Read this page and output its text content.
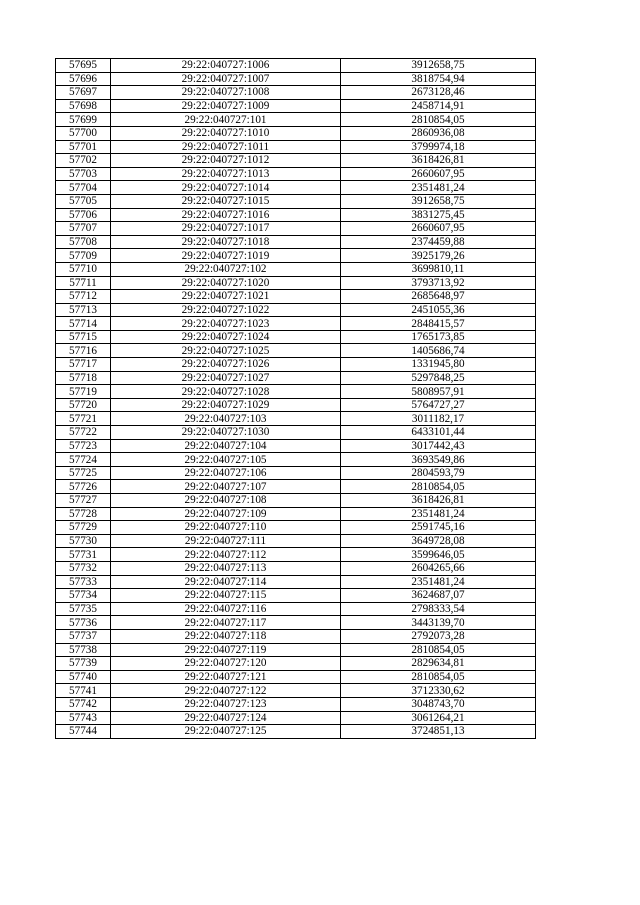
57695	29:22:040727:1006	3912658,75
57696	29:22:040727:1007	3818754,94
57697	29:22:040727:1008	2673128,46
57698	29:22:040727:1009	2458714,91
57699	29:22:040727:101	2810854,05
57700	29:22:040727:1010	2860936,08
57701	29:22:040727:1011	3799974,18
57702	29:22:040727:1012	3618426,81
57703	29:22:040727:1013	2660607,95
57704	29:22:040727:1014	2351481,24
57705	29:22:040727:1015	3912658,75
57706	29:22:040727:1016	3831275,45
57707	29:22:040727:1017	2660607,95
57708	29:22:040727:1018	2374459,88
57709	29:22:040727:1019	3925179,26
57710	29:22:040727:102	3699810,11
57711	29:22:040727:1020	3793713,92
57712	29:22:040727:1021	2685648,97
57713	29:22:040727:1022	2451055,36
57714	29:22:040727:1023	2848415,57
57715	29:22:040727:1024	1765173,85
57716	29:22:040727:1025	1405686,74
57717	29:22:040727:1026	1331945,80
57718	29:22:040727:1027	5297848,25
57719	29:22:040727:1028	5808957,91
57720	29:22:040727:1029	5764727,27
57721	29:22:040727:103	3011182,17
57722	29:22:040727:1030	6433101,44
57723	29:22:040727:104	3017442,43
57724	29:22:040727:105	3693549,86
57725	29:22:040727:106	2804593,79
57726	29:22:040727:107	2810854,05
57727	29:22:040727:108	3618426,81
57728	29:22:040727:109	2351481,24
57729	29:22:040727:110	2591745,16
57730	29:22:040727:111	3649728,08
57731	29:22:040727:112	3599646,05
57732	29:22:040727:113	2604265,66
57733	29:22:040727:114	2351481,24
57734	29:22:040727:115	3624687,07
57735	29:22:040727:116	2798333,54
57736	29:22:040727:117	3443139,70
57737	29:22:040727:118	2792073,28
57738	29:22:040727:119	2810854,05
57739	29:22:040727:120	2829634,81
57740	29:22:040727:121	2810854,05
57741	29:22:040727:122	3712330,62
57742	29:22:040727:123	3048743,70
57743	29:22:040727:124	3061264,21
57744	29:22:040727:125	3724851,13
